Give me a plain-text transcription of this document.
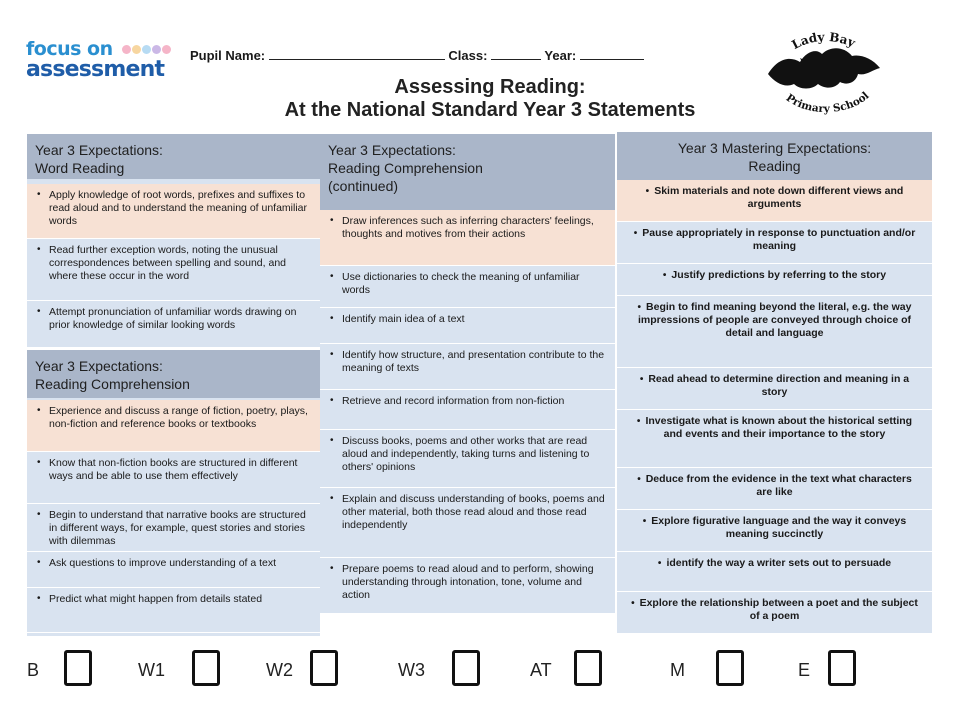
focus on
assessment
Pupil Name:	Class:	Year:
Assessing Reading:
At the National Standard Year 3 Statements
Lady Bay
Primary School
Year 3 Expectations:
Word Reading
• Apply knowledge of root words, prefixes and suffixes to read aloud and to understand the meaning of unfamiliar words
• Read further exception words, noting the unusual correspondences between spelling and sound, and where these occur in the word
• Attempt pronunciation of unfamiliar words drawing on prior knowledge of similar looking words
Year 3 Expectations:
Reading Comprehension
• Experience and discuss a range of fiction, poetry, plays, non-fiction and reference books or textbooks
• Know that non-fiction books are structured in different ways and be able to use them effectively
• Begin to understand that narrative books are structured in different ways, for example, quest stories and stories with dilemmas
• Ask questions to improve understanding of a text
• Predict what might happen from details stated
Year 3 Expectations:
Reading Comprehension
(continued)
• Draw inferences such as inferring characters' feelings, thoughts and motives from their actions
• Use dictionaries to check the meaning of unfamiliar words
• Identify main idea of a text
• Identify how structure, and presentation contribute to the meaning of texts
• Retrieve and record information from non-fiction
• Discuss books, poems and other works that are read aloud and independently, taking turns and listening to others' opinions
• Explain and discuss understanding of books, poems and other material, both those read aloud and those read independently
• Prepare poems to read aloud and to perform, showing understanding through intonation, tone, volume and action
Year 3 Mastering Expectations:
Reading
• Skim materials and note down different views and arguments
• Pause appropriately in response to punctuation and/or meaning
• Justify predictions by referring to the story
• Begin to find meaning beyond the literal, e.g. the way impressions of people are conveyed through choice of detail and language
• Read ahead to determine direction and meaning in a story
• Investigate what is known about the historical setting and events and their importance to the story
• Deduce from the evidence in the text what characters are like
• Explore figurative language and the way it conveys meaning succinctly
• identify the way a writer sets out to persuade
• Explore the relationship between a poet and the subject of a poem
B	W1	W2	W3	AT	M	E
